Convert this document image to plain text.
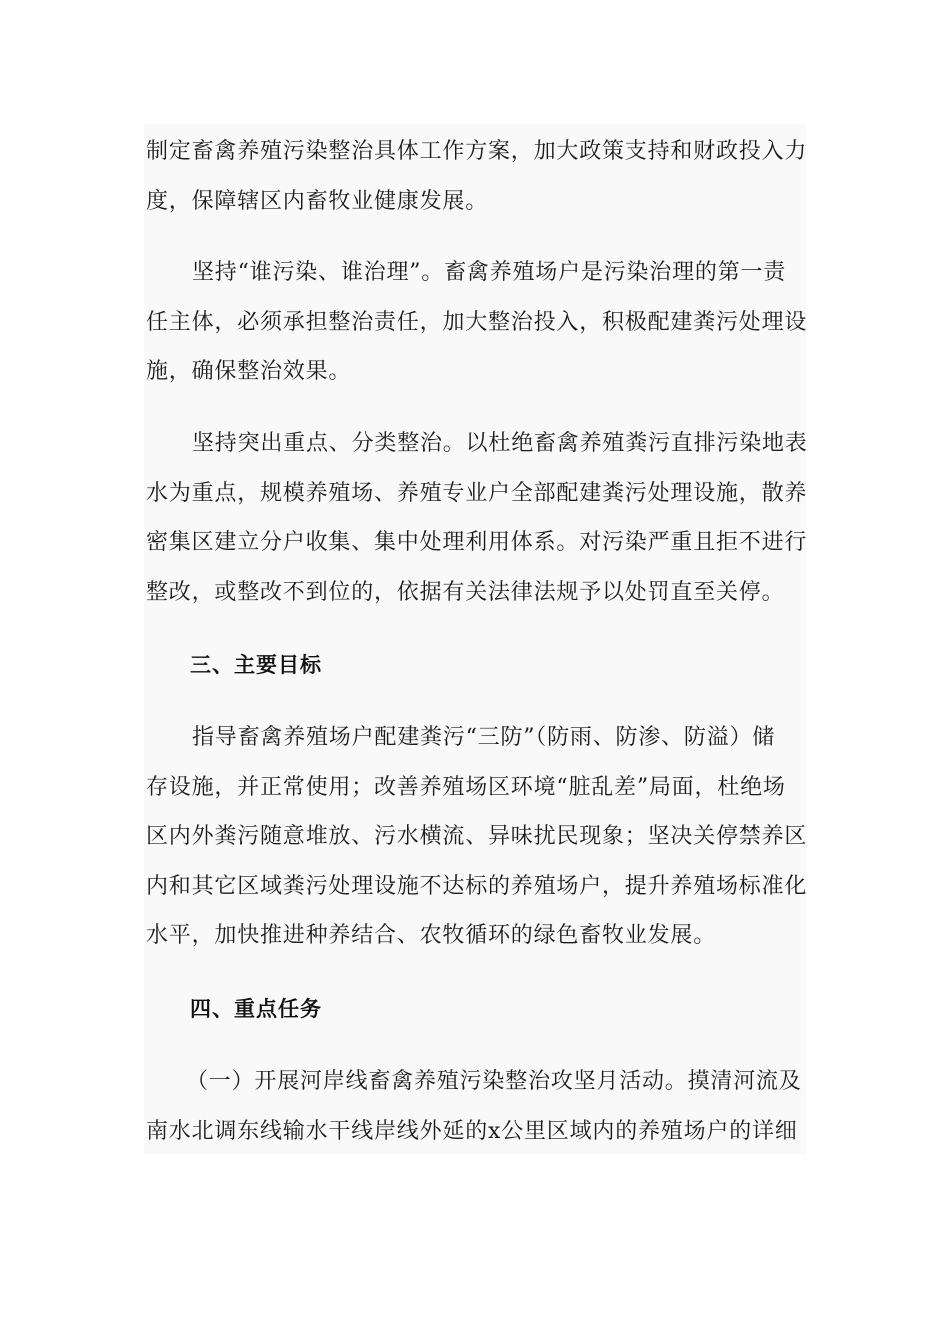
制定畜禽养殖污染整治具体工作方案，加大政策支持和财政投入力
度，保障辖区内畜牧业健康发展。

坚持“谁污染、谁治理”。畜禽养殖场户是污染治理的第一责
任主体，必须承担整治责任，加大整治投入，积极配建粪污处理设
施，确保整治效果。

坚持突出重点、分类整治。以杜绝畜禽养殖粪污直排污染地表
水为重点，规模养殖场、养殖专业户全部配建粪污处理设施，散养
密集区建立分户收集、集中处理利用体系。对污染严重且拒不进行
整改，或整改不到位的，依据有关法律法规予以处罚直至关停。

三、主要目标

指导畜禽养殖场户配建粪污“三防”（防雨、防渗、防溢）储
存设施，并正常使用；改善养殖场区环境“脏乱差”局面，杜绝场
区内外粪污随意堆放、污水横流、异味扰民现象；坚决关停禁养区
内和其它区域粪污处理设施不达标的养殖场户，提升养殖场标准化
水平，加快推进种养结合、农牧循环的绿色畜牧业发展。

四、重点任务

（一）开展河岸线畜禽养殖污染整治攻坚月活动。摸清河流及
南水北调东线输水干线岸线外延的x公里区域内的养殖场户的详细
